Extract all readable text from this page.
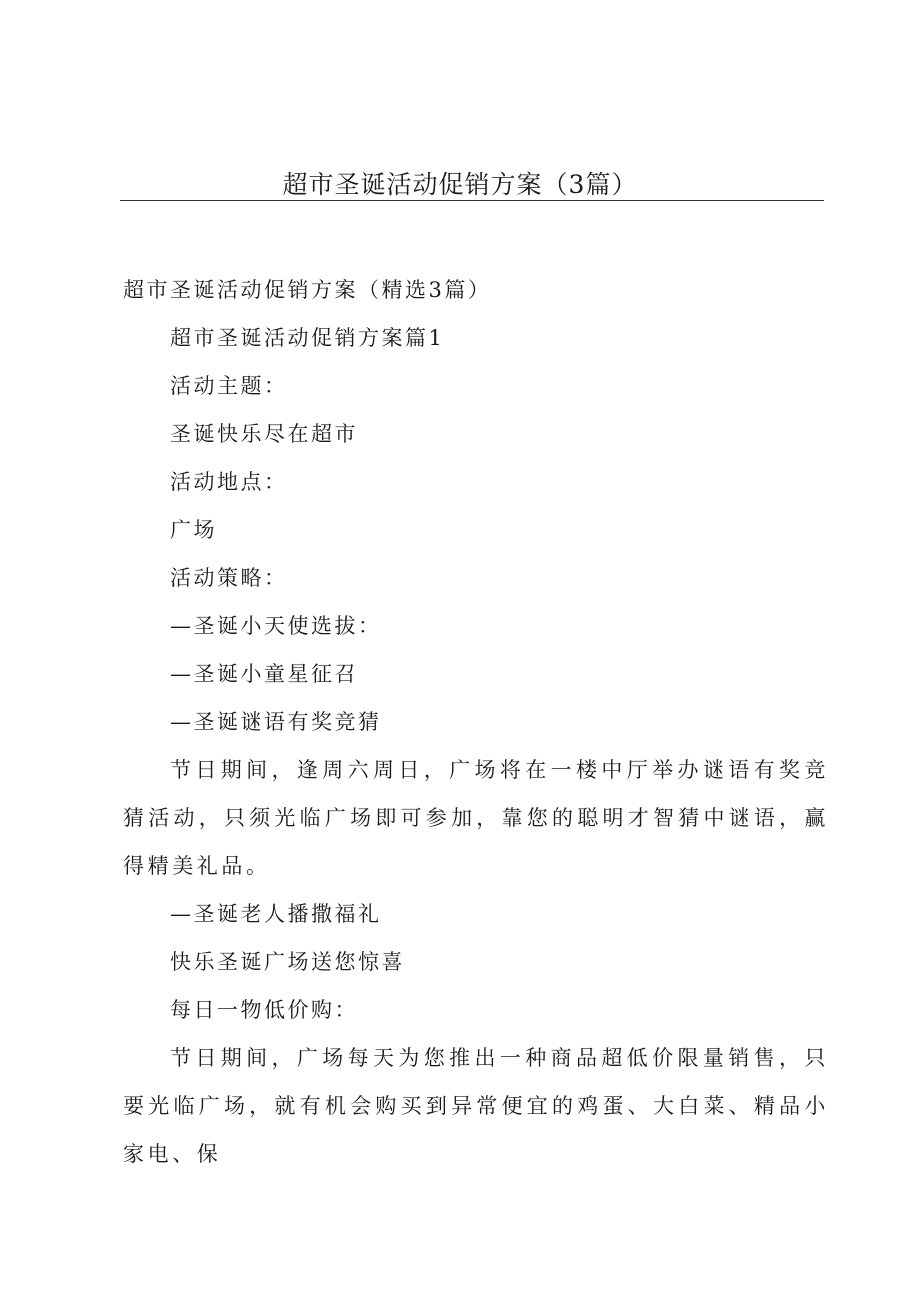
超市圣诞活动促销方案（3篇）

超市圣诞活动促销方案（精选3篇）

超市圣诞活动促销方案篇1

活动主题：

圣诞快乐尽在超市

活动地点：

广场

活动策略：

—圣诞小天使选拔：

—圣诞小童星征召

—圣诞谜语有奖竞猜

节日期间，逢周六周日，广场将在一楼中厅举办谜语有奖竞猜活动，只须光临广场即可参加，靠您的聪明才智猜中谜语，赢得精美礼品。

—圣诞老人播撒福礼

快乐圣诞广场送您惊喜

每日一物低价购：

节日期间，广场每天为您推出一种商品超低价限量销售，只要光临广场，就有机会购买到异常便宜的鸡蛋、大白菜、精品小家电、保
